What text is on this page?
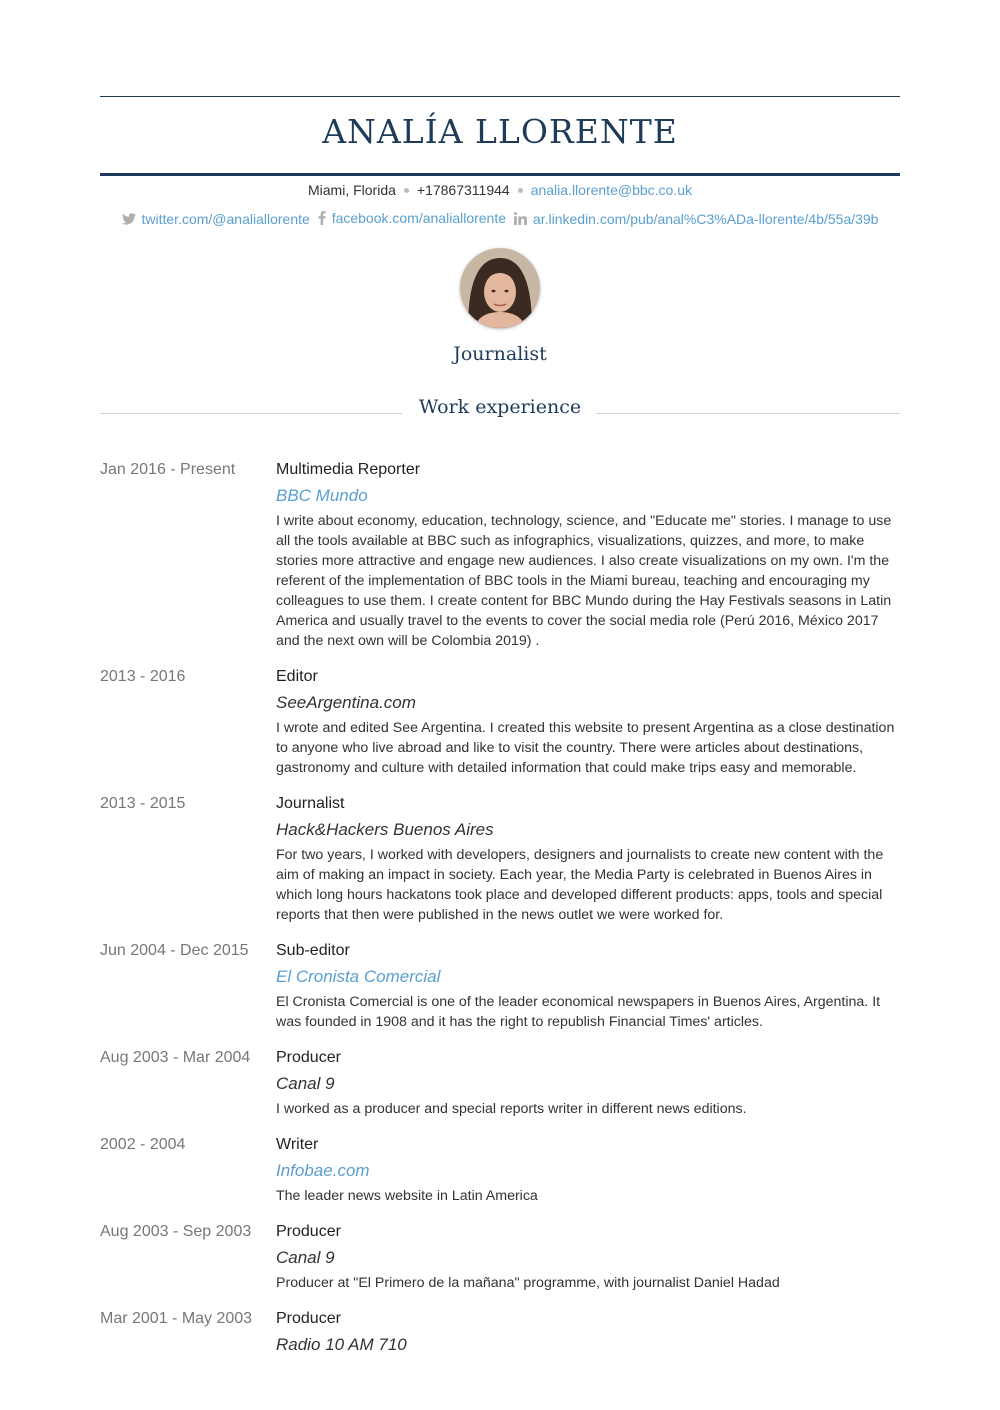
ANALÍA LLORENTE
Miami, Florida +17867311944 analia.llorente@bbc.co.uk
twitter.com/@analiallorente
facebook.com/analiallorente
ar.linkedin.com/pub/anal%C3%ADa-llorente/4b/55a/39b
Journalist
Work experience
Jan 2016 - Present	Multimedia Reporter
BBC Mundo
I write about economy, education, technology, science, and "Educate me" stories. I manage to use all the tools available at BBC such as infographics, visualizations, quizzes, and more, to make stories more attractive and engage new audiences. I also create visualizations on my own. I'm the referent of the implementation of BBC tools in the Miami bureau, teaching and encouraging my colleagues to use them. I create content for BBC Mundo during the Hay Festivals seasons in Latin America and usually travel to the events to cover the social media role (Perú 2016, México 2017 and the next own will be Colombia 2019) .
2013 - 2016	Editor
SeeArgentina.com
I wrote and edited See Argentina. I created this website to present Argentina as a close destination to anyone who live abroad and like to visit the country. There were articles about destinations, gastronomy and culture with detailed information that could make trips easy and memorable.
2013 - 2015	Journalist
Hack&Hackers Buenos Aires
For two years, I worked with developers, designers and journalists to create new content with the aim of making an impact in society. Each year, the Media Party is celebrated in Buenos Aires in which long hours hackatons took place and developed different products: apps, tools and special reports that then were published in the news outlet we were worked for.
Jun 2004 - Dec 2015	Sub-editor
El Cronista Comercial
El Cronista Comercial is one of the leader economical newspapers in Buenos Aires, Argentina. It was founded in 1908 and it has the right to republish Financial Times' articles.
Aug 2003 - Mar 2004	Producer
Canal 9
I worked as a producer and special reports writer in different news editions.
2002 - 2004	Writer
Infobae.com
The leader news website in Latin America
Aug 2003 - Sep 2003	Producer
Canal 9
Producer at "El Primero de la mañana" programme, with journalist Daniel Hadad
Mar 2001 - May 2003	Producer
Radio 10 AM 710
